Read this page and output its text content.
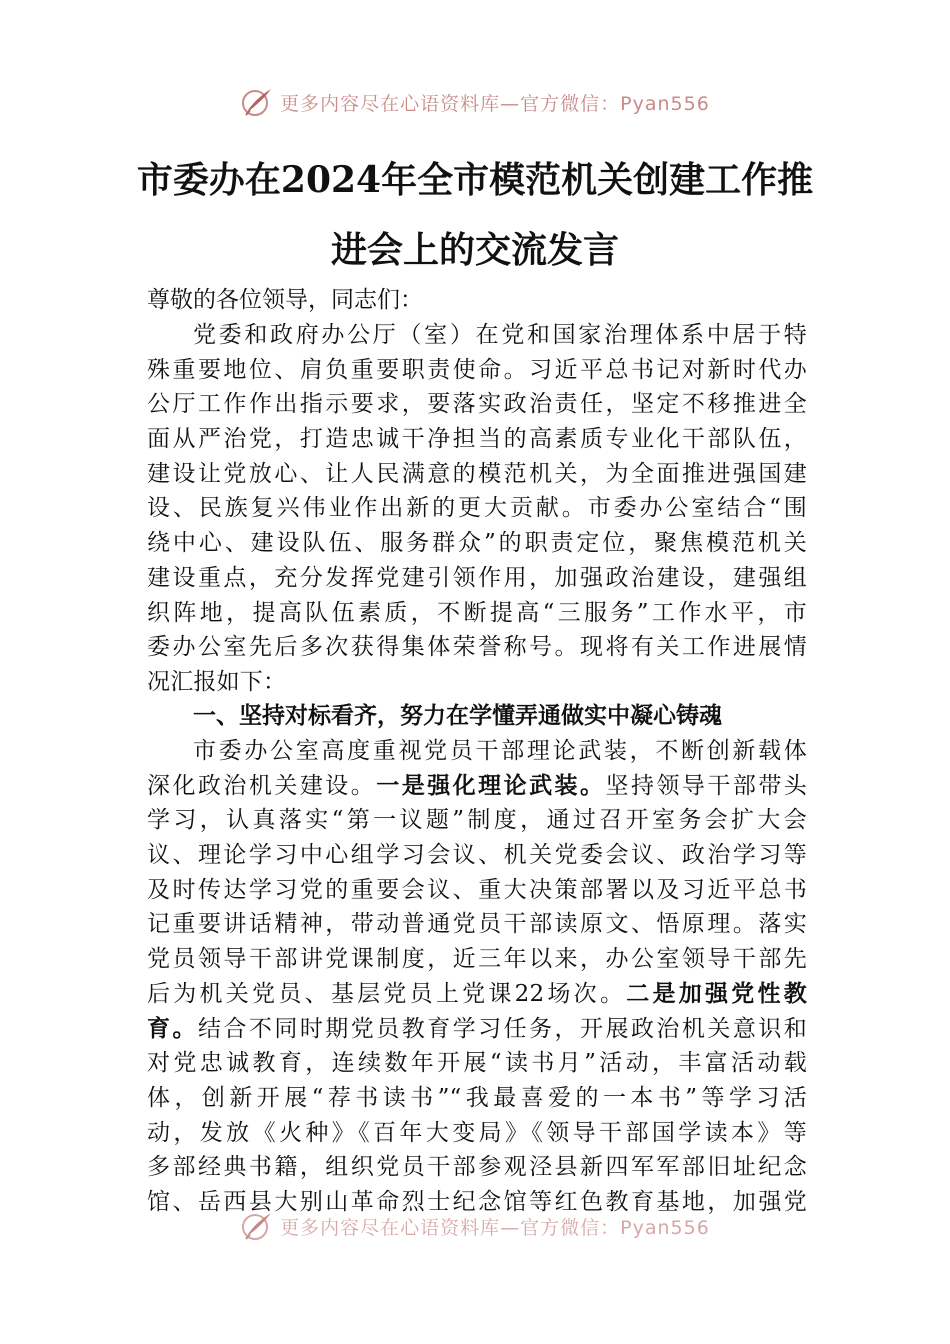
更多内容尽在心语资料库—官方微信：Pyan556
市委办在2024年全市模范机关创建工作推
进会上的交流发言
尊敬的各位领导，同志们：
党委和政府办公厅（室）在党和国家治理体系中居于特
殊重要地位、肩负重要职责使命。习近平总书记对新时代办
公厅工作作出指示要求，要落实政治责任，坚定不移推进全
面从严治党，打造忠诚干净担当的高素质专业化干部队伍，
建设让党放心、让人民满意的模范机关，为全面推进强国建
设、民族复兴伟业作出新的更大贡献。市委办公室结合“围
绕中心、建设队伍、服务群众”的职责定位，聚焦模范机关
建设重点，充分发挥党建引领作用，加强政治建设，建强组
织阵地，提高队伍素质，不断提高“三服务”工作水平，市
委办公室先后多次获得集体荣誉称号。现将有关工作进展情
况汇报如下：
一、坚持对标看齐，努力在学懂弄通做实中凝心铸魂
市委办公室高度重视党员干部理论武装，不断创新载体
深化政治机关建设。一是强化理论武装。坚持领导干部带头
学习，认真落实“第一议题”制度，通过召开室务会扩大会
议、理论学习中心组学习会议、机关党委会议、政治学习等
及时传达学习党的重要会议、重大决策部署以及习近平总书
记重要讲话精神，带动普通党员干部读原文、悟原理。落实
党员领导干部讲党课制度，近三年以来，办公室领导干部先
后为机关党员、基层党员上党课22场次。二是加强党性教
育。结合不同时期党员教育学习任务，开展政治机关意识和
对党忠诚教育，连续数年开展“读书月”活动，丰富活动载
体，创新开展“荐书读书”“我最喜爱的一本书”等学习活
动，发放《火种》《百年大变局》《领导干部国学读本》等
多部经典书籍，组织党员干部参观泾县新四军军部旧址纪念
馆、岳西县大别山革命烈士纪念馆等红色教育基地，加强党
更多内容尽在心语资料库—官方微信：Pyan556
